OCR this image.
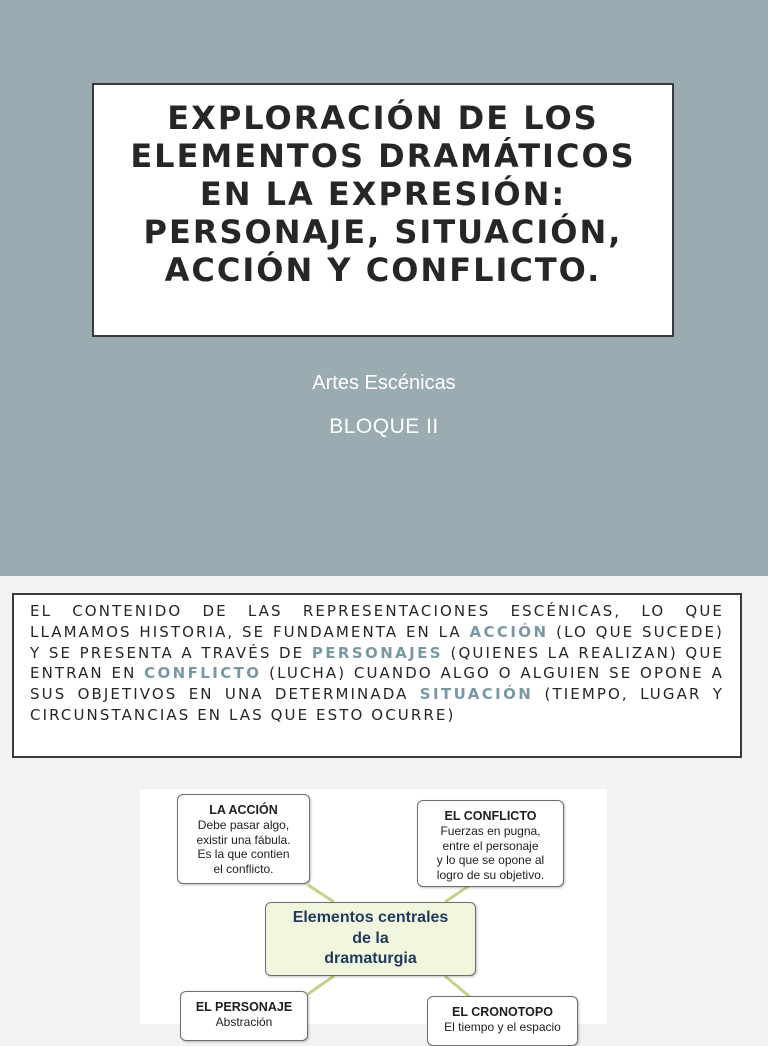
EXPLORACIÓN DE LOS
ELEMENTOS DRAMÁTICOS
EN LA EXPRESIÓN:
PERSONAJE, SITUACIÓN,
ACCIÓN Y CONFLICTO.
Artes Escénicas
BLOQUE II

EL CONTENIDO DE LAS REPRESENTACIONES ESCÉNICAS, LO QUE LLAMAMOS HISTORIA, SE FUNDAMENTA EN LA ACCIÓN (LO QUE SUCEDE) Y SE PRESENTA A TRAVÉS DE PERSONAJES (QUIENES LA REALIZAN) QUE ENTRAN EN CONFLICTO (LUCHA) CUANDO ALGO O ALGUIEN SE OPONE A SUS OBJETIVOS EN UNA DETERMINADA SITUACIÓN (TIEMPO, LUGAR Y CIRCUNSTANCIAS EN LAS QUE ESTO OCURRE)

LA ACCIÓN
Debe pasar algo,
existir una fábula.
Es la que contien
el conflicto.
EL CONFLICTO
Fuerzas en pugna,
entre el personaje
y lo que se opone al
logro de su objetivo.
Elementos centrales
de la
dramaturgia
EL PERSONAJE
Abstración
EL CRONOTOPO
El tiempo y el espacio
